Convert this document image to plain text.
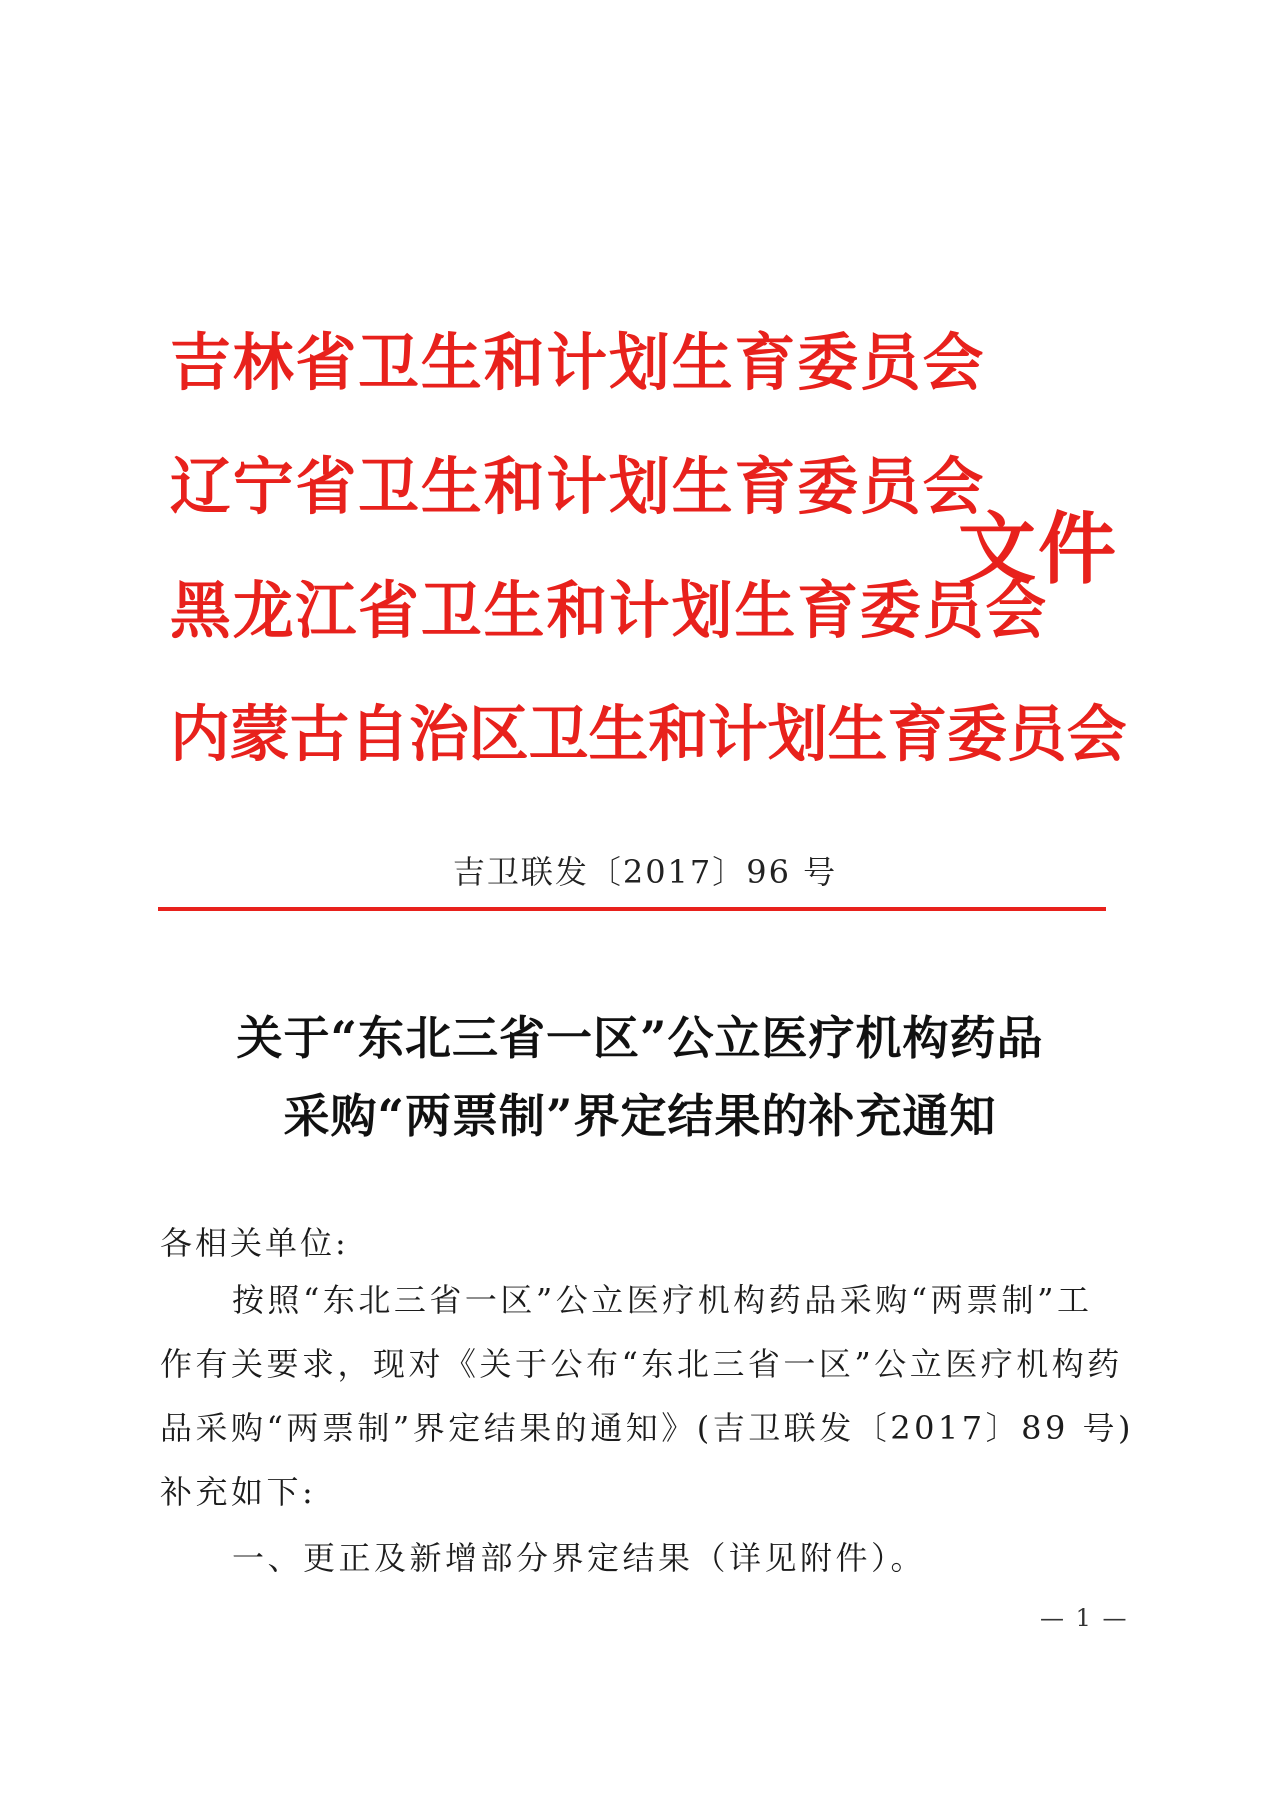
吉林省卫生和计划生育委员会
辽宁省卫生和计划生育委员会
黑龙江省卫生和计划生育委员会
内蒙古自治区卫生和计划生育委员会
文件
吉卫联发〔2017〕96 号
关于“东北三省一区”公立医疗机构药品
采购“两票制”界定结果的补充通知
各相关单位:
按照“东北三省一区”公立医疗机构药品采购“两票制”工
作有关要求，现对《关于公布“东北三省一区”公立医疗机构药
品采购“两票制”界定结果的通知》(吉卫联发〔2017〕89 号)
补充如下:
一、更正及新增部分界定结果（详见附件）。
— 1 —
